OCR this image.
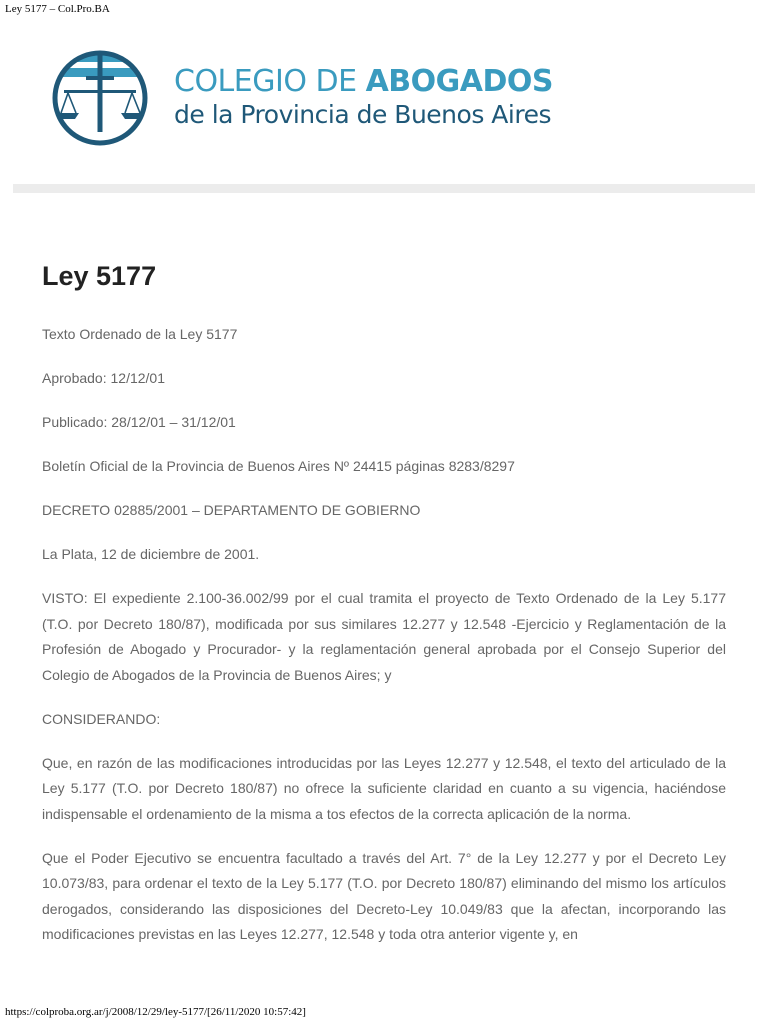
Ley 5177 – Col.Pro.BA
COLEGIO DE ABOGADOS
de la Provincia de Buenos Aires
Ley 5177

Texto Ordenado de la Ley 5177

Aprobado: 12/12/01

Publicado: 28/12/01 – 31/12/01

Boletín Oficial de la Provincia de Buenos Aires Nº 24415 páginas 8283/8297

DECRETO 02885/2001 – DEPARTAMENTO DE GOBIERNO

La Plata, 12 de diciembre de 2001.

VISTO: El expediente 2.100-36.002/99 por el cual tramita el proyecto de Texto Ordenado de la Ley 5.177 (T.O. por Decreto 180/87), modificada por sus similares 12.277 y 12.548 -Ejercicio y Reglamentación de la Profesión de Abogado y Procurador- y la reglamentación general aprobada por el Consejo Superior del Colegio de Abogados de la Provincia de Buenos Aires; y

CONSIDERANDO:

Que, en razón de las modificaciones introducidas por las Leyes 12.277 y 12.548, el texto del articulado de la Ley 5.177 (T.O. por Decreto 180/87) no ofrece la suficiente claridad en cuanto a su vigencia, haciéndose indispensable el ordenamiento de la misma a tos efectos de la correcta aplicación de la norma.

Que el Poder Ejecutivo se encuentra facultado a través del Art. 7° de la Ley 12.277 y por el Decreto Ley 10.073/83, para ordenar el texto de la Ley 5.177 (T.O. por Decreto 180/87) eliminando del mismo los artículos derogados, considerando las disposiciones del Decreto-Ley 10.049/83 que la afectan, incorporando las modificaciones previstas en las Leyes 12.277, 12.548 y toda otra anterior vigente y, en

https://colproba.org.ar/j/2008/12/29/ley-5177/[26/11/2020 10:57:42]
